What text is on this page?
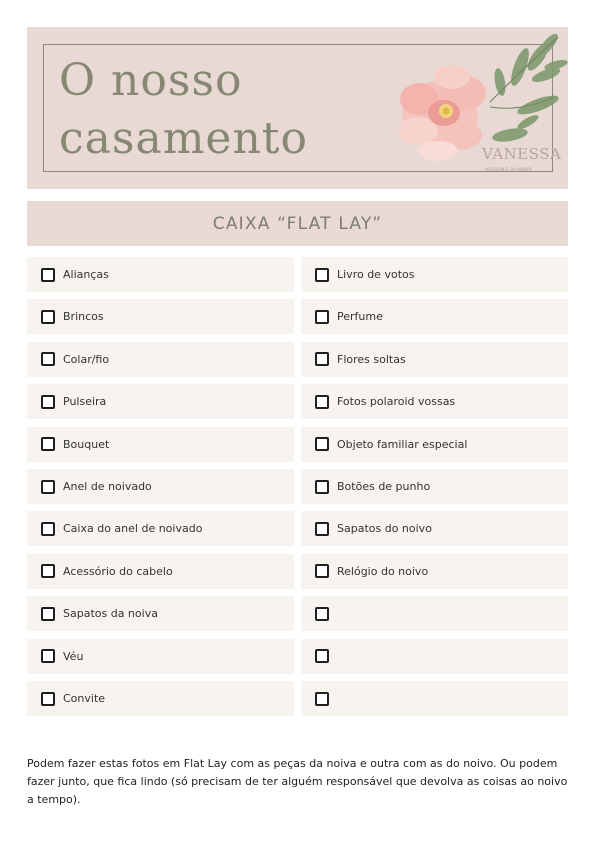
O nosso
casamento	VANESSA
WEDDING PLANNER
CAIXA “FLAT LAY”
Alianças	Livro de votos
Brincos	Perfume
Colar/fio	Flores soltas
Pulseira	Fotos polaroid vossas
Bouquet	Objeto familiar especial
Anel de noivado	Botões de punho
Caixa do anel de noivado	Sapatos do noivo
Acessório do cabelo	Relógio do noivo
Sapatos da noiva
Véu
Convite
Podem fazer estas fotos em Flat Lay com as peças da noiva e outra com as do noivo. Ou podem fazer junto, que fica lindo (só precisam de ter alguém responsável que devolva as coisas ao noivo a tempo).
